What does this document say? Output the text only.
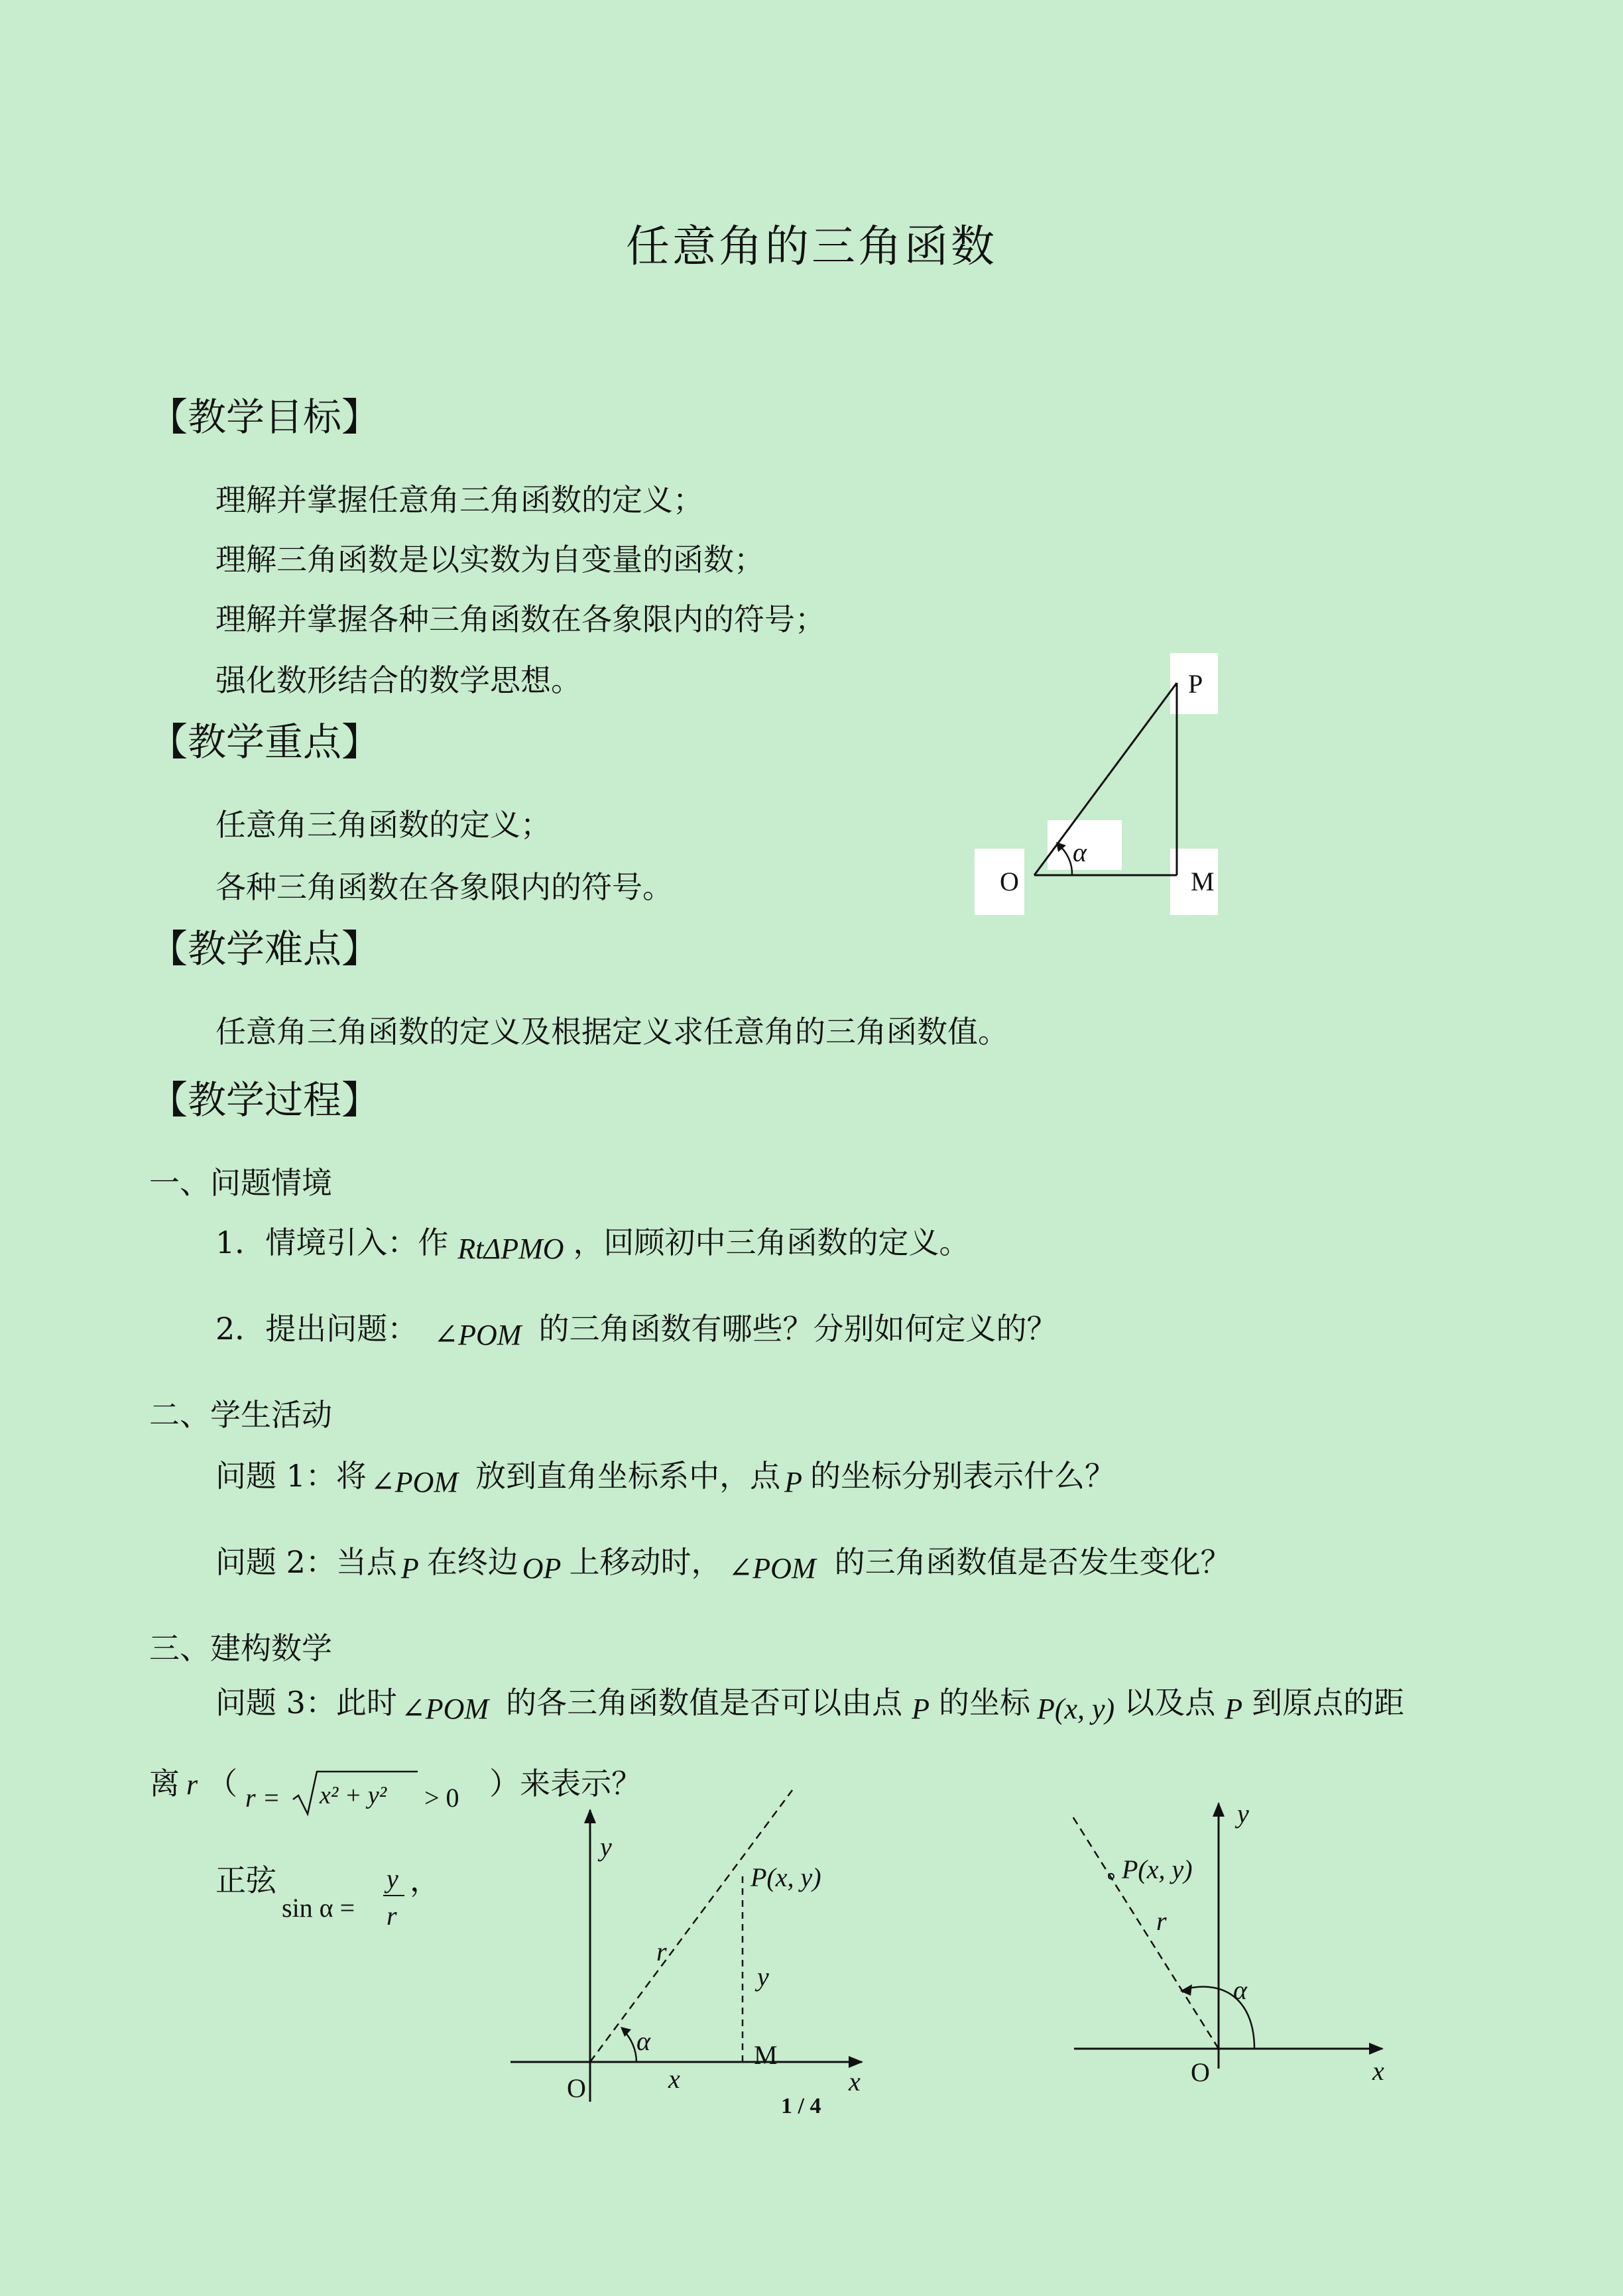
任意角的三角函数
【教学目标】
理解并掌握任意角三角函数的定义；
理解三角函数是以实数为自变量的函数；
理解并掌握各种三角函数在各象限内的符号；
强化数形结合的数学思想。
【教学重点】
任意角三角函数的定义；
各种三角函数在各象限内的符号。
【教学难点】
任意角三角函数的定义及根据定义求任意角的三角函数值。
【教学过程】
一、问题情境
1．情境引入：作 RtΔPMO ，回顾初中三角函数的定义。
2．提出问题： ∠POM 的三角函数有哪些？分别如何定义的？
二、学生活动
问题 1：将 ∠POM 放到直角坐标系中，点 P 的坐标分别表示什么？
问题 2：当点 P 在终边 OP 上移动时， ∠POM 的三角函数值是否发生变化？
三、建构数学
问题 3：此时 ∠POM 的各三角函数值是否可以由点 P 的坐标 P(x, y) 以及点 P 到原点的距
离 r （	）来表示？
r = x² + y² > 0
正弦
sin α =
y
r
，
P
O
α
M
y
P(x, y)
r
y
α
O	x
M
x
y
P(x, y)
r
α
O	x
1 / 4
